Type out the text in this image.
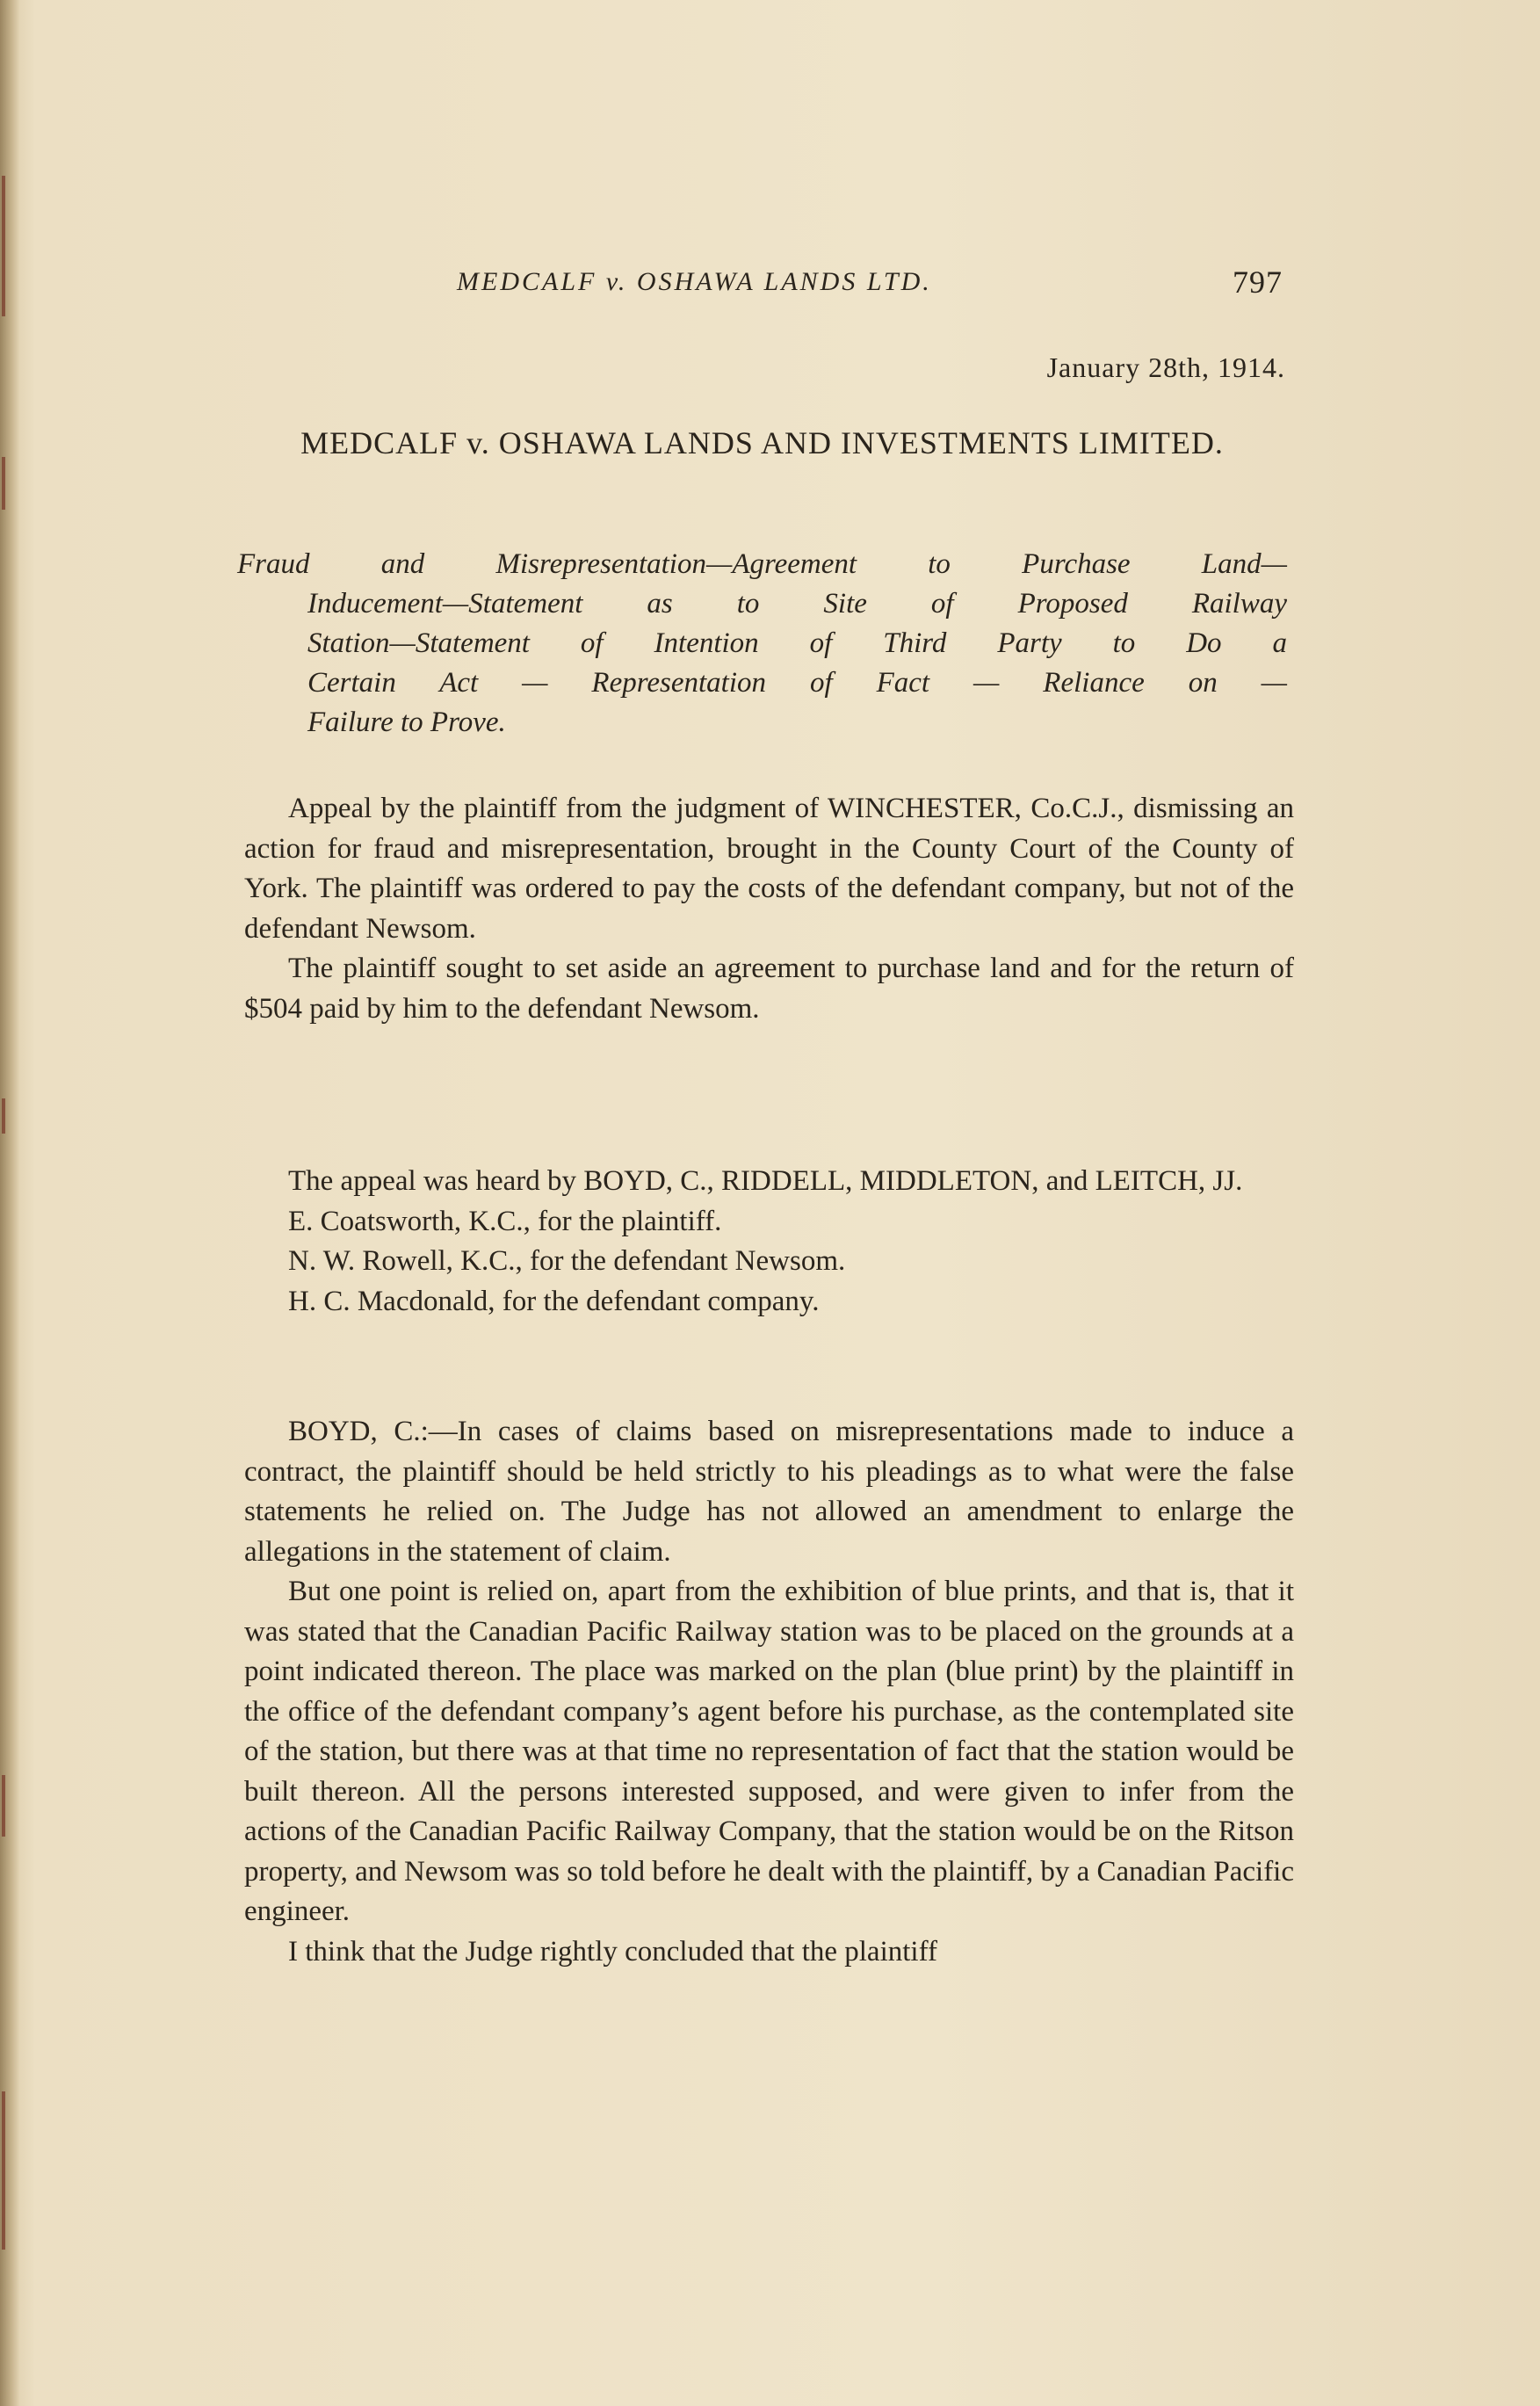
MEDCALF v. OSHAWA LANDS LTD.	797
January 28th, 1914.
MEDCALF v. OSHAWA LANDS AND INVESTMENTS LIMITED.
Fraud and Misrepresentation—Agreement to Purchase Land—
Inducement—Statement as to Site of Proposed Railway
Station—Statement of Intention of Third Party to Do a
Certain Act — Representation of Fact — Reliance on —
Failure to Prove.

Appeal by the plaintiff from the judgment of WINCHESTER, Co.C.J., dismissing an action for fraud and misrepresentation, brought in the County Court of the County of York. The plaintiff was ordered to pay the costs of the defendant company, but not of the defendant Newsom.

The plaintiff sought to set aside an agreement to purchase land and for the return of $504 paid by him to the defendant Newsom.

The appeal was heard by BOYD, C., RIDDELL, MIDDLETON, and LEITCH, JJ.

E. Coatsworth, K.C., for the plaintiff.

N. W. Rowell, K.C., for the defendant Newsom.

H. C. Macdonald, for the defendant company.

BOYD, C.:—In cases of claims based on misrepresentations made to induce a contract, the plaintiff should be held strictly to his pleadings as to what were the false statements he relied on. The Judge has not allowed an amendment to enlarge the allegations in the statement of claim.

But one point is relied on, apart from the exhibition of blue prints, and that is, that it was stated that the Canadian Pacific Railway station was to be placed on the grounds at a point indicated thereon. The place was marked on the plan (blue print) by the plaintiff in the office of the defendant company’s agent before his purchase, as the contemplated site of the station, but there was at that time no representation of fact that the station would be built thereon. All the persons interested supposed, and were given to infer from the actions of the Canadian Pacific Railway Company, that the station would be on the Ritson property, and Newsom was so told before he dealt with the plaintiff, by a Canadian Pacific engineer.

I think that the Judge rightly concluded that the plaintiff
